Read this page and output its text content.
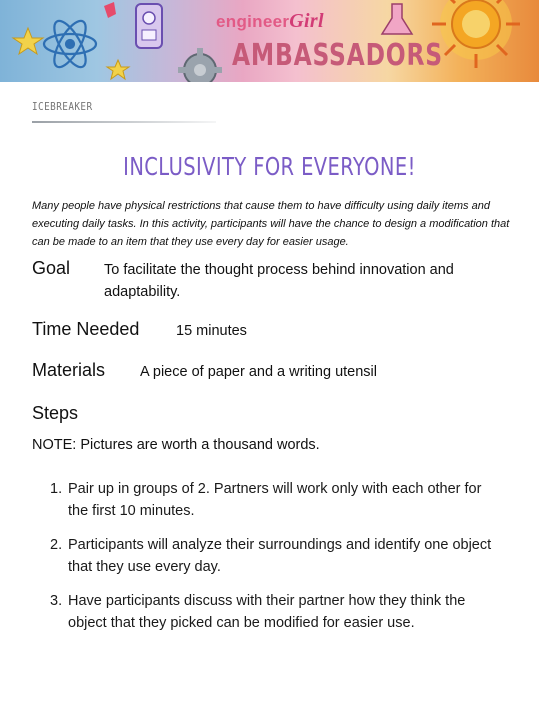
engineerGirl
AMBASSADORS
ICEBREAKER
INCLUSIVITY FOR EVERYONE!
Many people have physical restrictions that cause them to have difficulty using daily items and executing daily tasks. In this activity, participants will have the chance to design a modification that can be made to an item that they use every day for easier usage.
Goal To facilitate the thought process behind innovation and adaptability.
Time Needed	15 minutes
Materials A piece of paper and a writing utensil
Steps
NOTE: Pictures are worth a thousand words.
1. Pair up in groups of 2. Partners will work only with each other for the first 10 minutes.
2. Participants will analyze their surroundings and identify one object that they use every day.
3. Have participants discuss with their partner how they think the object that they picked can be modified for easier use.
